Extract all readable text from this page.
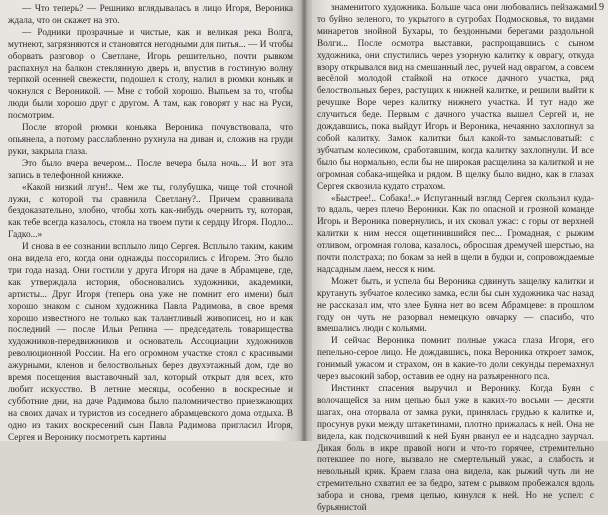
— Что теперь? — Решнико вглядывалась в лицо Игоря, Вероника ждала, что он скажет на это.

— Родники прозрачные и чистые, как и великая река Волга, мутнеют, загрязняются и становятся негодными для питья... — И чтобы оборвать разговор о Светлане, Игорь решительно, почти рывком распахнул на балкон стеклянную дверь и, впустив в гостиную волну терпкой осенней свежести, подошел к столу, налил в рюмки коньяк и чокнулся с Вероникой. — Мне с тобой хорошо. Выпьем за то, чтобы люди были хорошо друг с другом. А там, как говорят у нас на Руси, посмотрим.

После второй рюмки коньяка Вероника почувствовала, что опьянела, а потому расслабленно рухнула на диван и, сложив на груди руки, закрыла глаза.

Это было вчера вечером... После вечера была ночь... И вот эта запись в телефонной книжке.

«Какой низкий лгун!.. Чем же ты, голубушка, чище той сточной лужи, с которой ты сравнила Светлану?.. Причем сравнивала бездоказательно, злобно, чтобы хоть как-нибудь очернить ту, которая, как тебе всегда казалось, стояла на твоем пути к сердцу Игоря. Подло... Гадко...»

И снова в ее сознании всплыло лицо Сергея. Всплыло таким, каким она видела его, когда они однажды поссорились с Игорем. Это было три года назад. Они гостили у друга Игоря на даче в Абрамцеве, где, как утверждала история, обосновались художники, академики, артисты... Друг Игоря (теперь она уже не помнит его имени) был хорошо знаком с сыном художника Павла Радимова, в свое время хорошо известного не только как талантливый живописец, но и как последний — после Ильи Репина — председатель товарищества художников-передвижников и основатель Ассоциации художников революционной России. На его огромном участке стоял с красивыми ажурными, кленов и белоствольных берез двухэтажный дом, где во время посещения выставочный зал, который открыт для всех, кто любит искусство. В летние месяцы, особенно в воскресные и субботние дни, на даче Радимова было паломничество приезжающих на своих дачах и туристов из соседнего абрамцевского дома отдыха. В одно из таких воскресений сын Павла Радимова пригласил Игоря, Сергея и Веронику посмотреть картины

знаменитого художника. Больше часа они любовались пейзажами то буйно зеленого, то укрытого в сугробах Подмосковья, то видами минаретов знойной Бухары, то бездонными берегами раздольной Волги... После осмотра выставки, распрощавшись с сыном художника, они спустились через узорную калитку к оврагу, откуда взору открывался вид на смешанный лес, ручей над оврагом, а совсем весёлой молодой стайкой на откосе дачного участка, ряд белоствольных берез, растущих к нижней калитке, и решили выйти к речушке Воре через калитку нижнего участка. И тут надо же случиться беде. Первым с дачного участка вышел Сергей и, не дождавшись, пока выйдут Игорь и Вероника, нечаянно захлопнул за собой калитку. Замок калитки был какой-то замысловатый: с зубчатым колесиком, сработавшим, когда калитку захлопнули. И все было бы нормально, если бы не широкая расщелина за калиткой и не огромная собака-ищейка и рядом. В щелку было видно, как в глазах Сергея сквозила кудато страхом.

«Быстрее!.. Собака!..» Испуганный взгляд Сергея скользил куда-то вдаль, через плечо Вероники. Как по опасной и грозной команде Игорь и Вероника повернулись, и их сковал ужас: с горы от верхней калитки к ним несся ощетинившийся пес... Громадная, с рыжим отливом, огромная голова, казалось, обросшая дремучей шерстью, на почти полстраха; по бокам за ней в щели в будки и, сопровождаемые надсадным лаем, несся к ним.

Может быть, и успела бы Вероника сдвинуть защелку калитки и крутануть зубчатое колесико замка, если бы сын художника час назад не рассказал им, что злее Буяна нет во всем Абрамцеве: в прошлом году он чуть не разорвал немецкую овчарку — спасибо, что вмешались люди с кольями.

И сейчас Вероника помнит полные ужаса глаза Игоря, его пепельно-серое лицо. Не дождавшись, пока Вероника откроет замок, гонимый ужасом и страхом, он в какие-то доли секунды перемахнул через высокий забор, оставив ее одну на разъяренного пса.

Инстинкт спасения выручил и Веронику. Когда Буян с волочащейся за ним цепью был уже в каких-то восьми — десяти шагах, она оторвала от замка руки, принялась грудью к калитке и, просунув руки между штакетинами, плотно прижалась к ней. Она не видела, как подскочивший к ней Буян рванул ее и надсадно заурчал. Дикая боль в икре правой ноги и что-то горячее, стремительно потекшее по ноге, вызвало не смертельный ужас, а слабость и невольный крик. Краем глаза она видела, как рыжий чуть ли не стремительно схватил ее за бедро, затем с рывком пробежался вдоль забора и снова, гремя цепью, кинулся к ней. Но не успел: с бурьянистой

19
